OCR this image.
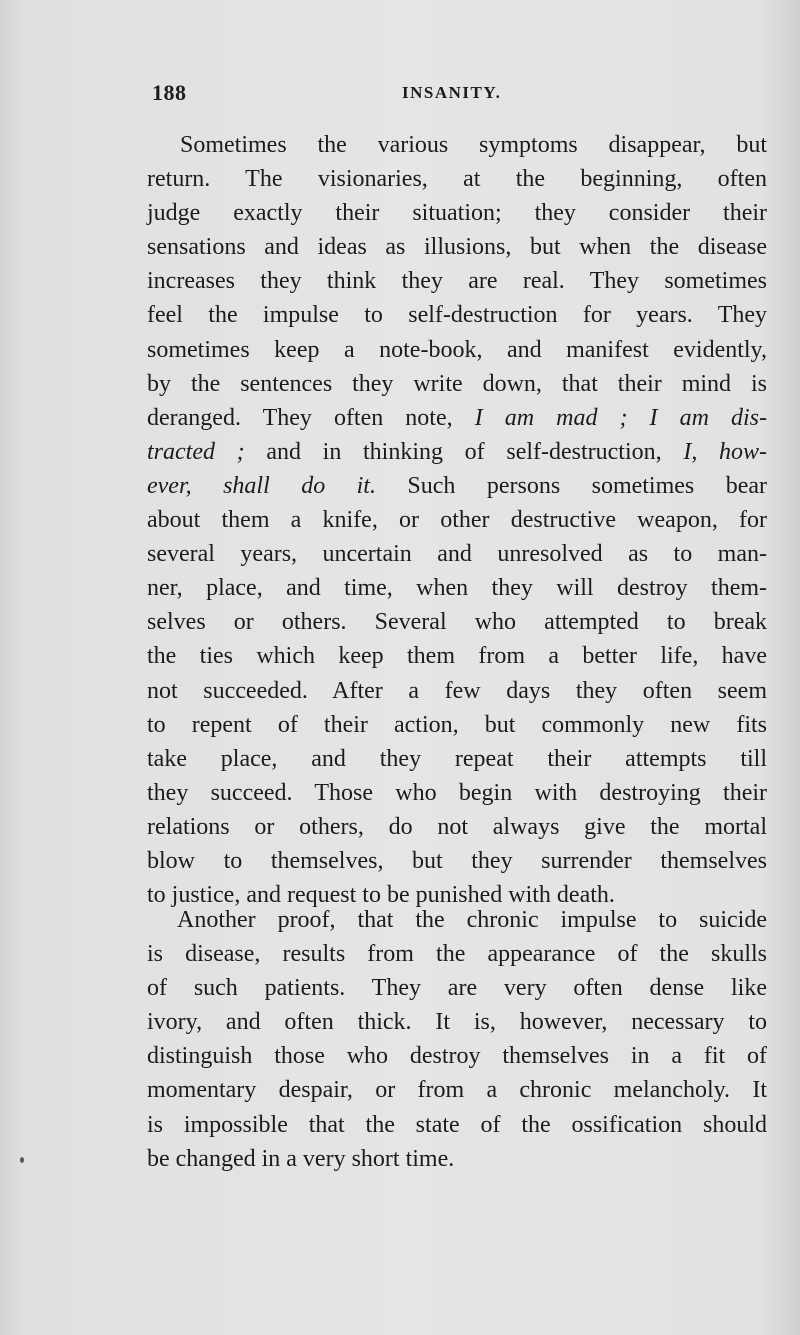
188	INSANITY.
Sometimes the various symptoms disappear, but
return. The visionaries, at the beginning, often
judge exactly their situation; they consider their
sensations and ideas as illusions, but when the disease
increases they think they are real. They sometimes
feel the impulse to self-destruction for years. They
sometimes keep a note-book, and manifest evidently,
by the sentences they write down, that their mind is
deranged. They often note, I am mad ; I am dis-
tracted ; and in thinking of self-destruction, I, how-
ever, shall do it. Such persons sometimes bear
about them a knife, or other destructive weapon, for
several years, uncertain and unresolved as to man-
ner, place, and time, when they will destroy them-
selves or others. Several who attempted to break
the ties which keep them from a better life, have
not succeeded. After a few days they often seem
to repent of their action, but commonly new fits
take place, and they repeat their attempts till
they succeed. Those who begin with destroying their
relations or others, do not always give the mortal
blow to themselves, but they surrender themselves
to justice, and request to be punished with death.
Another proof, that the chronic impulse to suicide
is disease, results from the appearance of the skulls
of such patients. They are very often dense like
ivory, and often thick. It is, however, necessary to
distinguish those who destroy themselves in a fit of
momentary despair, or from a chronic melancholy. It
is impossible that the state of the ossification should
be changed in a very short time.
